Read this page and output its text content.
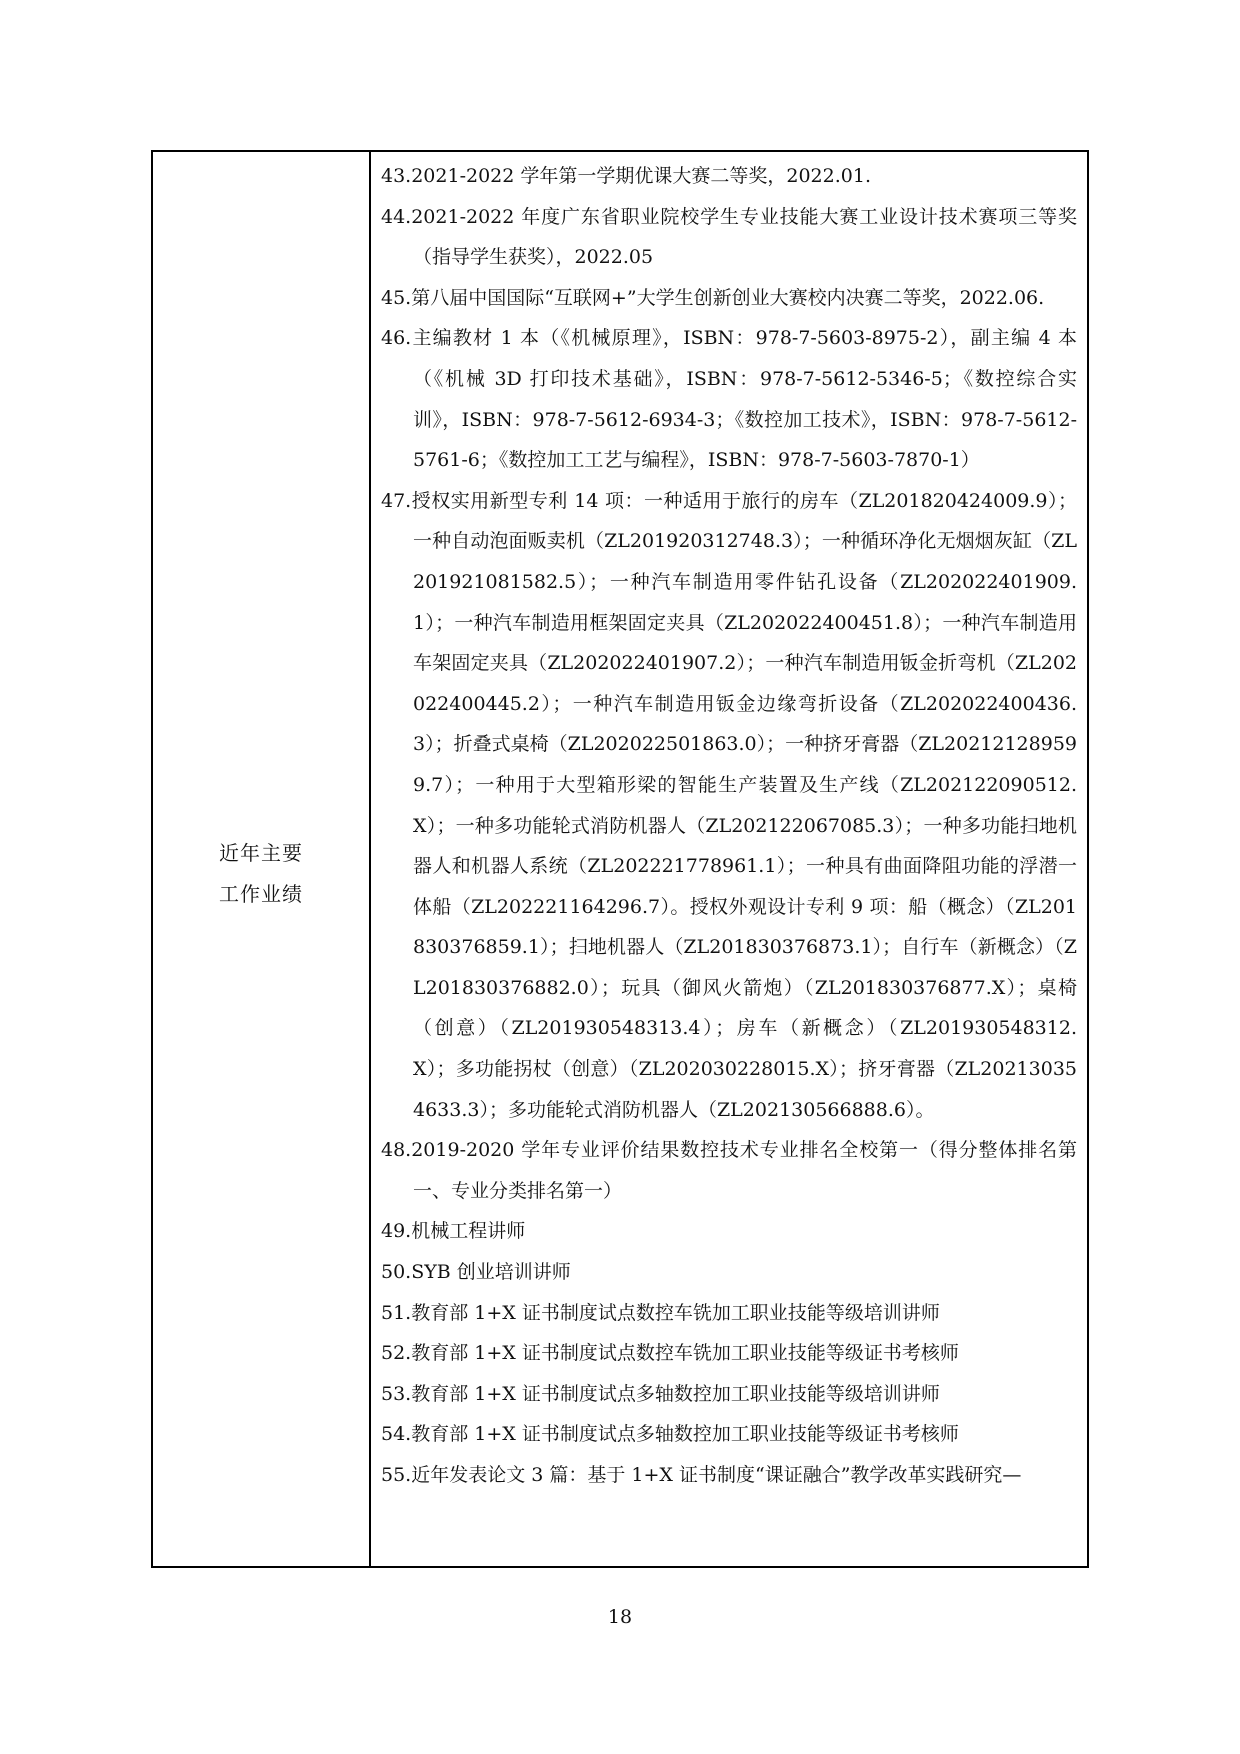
近年主要
工作业绩
43.2021-2022 学年第一学期优课大赛二等奖，2022.01.
44.2021-2022 年度广东省职业院校学生专业技能大赛工业设计技术赛项三等奖（指导学生获奖），2022.05
45.第八届中国国际“互联网+”大学生创新创业大赛校内决赛二等奖，2022.06.
46.主编教材 1 本（《机械原理》，ISBN：978-7-5603-8975-2），副主编 4 本（《机械 3D 打印技术基础》，ISBN：978-7-5612-5346-5；《数控综合实训》，ISBN：978-7-5612-6934-3；《数控加工技术》，ISBN：978-7-5612-5761-6；《数控加工工艺与编程》，ISBN：978-7-5603-7870-1）
47.授权实用新型专利 14 项：一种适用于旅行的房车（ZL201820424009.9）；一种自动泡面贩卖机（ZL201920312748.3）；一种循环净化无烟烟灰缸（ZL201921081582.5）；一种汽车制造用零件钻孔设备（ZL202022401909.1）；一种汽车制造用框架固定夹具（ZL202022400451.8）；一种汽车制造用车架固定夹具（ZL202022401907.2）；一种汽车制造用钣金折弯机（ZL202022400445.2）；一种汽车制造用钣金边缘弯折设备（ZL202022400436.3）；折叠式桌椅（ZL202022501863.0）；一种挤牙膏器（ZL202121289599.7）；一种用于大型箱形梁的智能生产装置及生产线（ZL202122090512.X）；一种多功能轮式消防机器人（ZL202122067085.3）；一种多功能扫地机器人和机器人系统（ZL202221778961.1）；一种具有曲面降阻功能的浮潜一体船（ZL202221164296.7）。授权外观设计专利 9 项：船（概念）（ZL201830376859.1）；扫地机器人（ZL201830376873.1）；自行车（新概念）（ZL201830376882.0）；玩具（御风火箭炮）（ZL201830376877.X）；桌椅（创意）（ZL201930548313.4）；房车（新概念）（ZL201930548312.X）；多功能拐杖（创意）（ZL202030228015.X）；挤牙膏器（ZL202130354633.3）；多功能轮式消防机器人（ZL202130566888.6）。
48.2019-2020 学年专业评价结果数控技术专业排名全校第一（得分整体排名第一、专业分类排名第一）
49.机械工程讲师
50.SYB 创业培训讲师
51.教育部 1+X 证书制度试点数控车铣加工职业技能等级培训讲师
52.教育部 1+X 证书制度试点数控车铣加工职业技能等级证书考核师
53.教育部 1+X 证书制度试点多轴数控加工职业技能等级培训讲师
54.教育部 1+X 证书制度试点多轴数控加工职业技能等级证书考核师
55.近年发表论文 3 篇：基于 1+X 证书制度“课证融合”教学改革实践研究—
18
